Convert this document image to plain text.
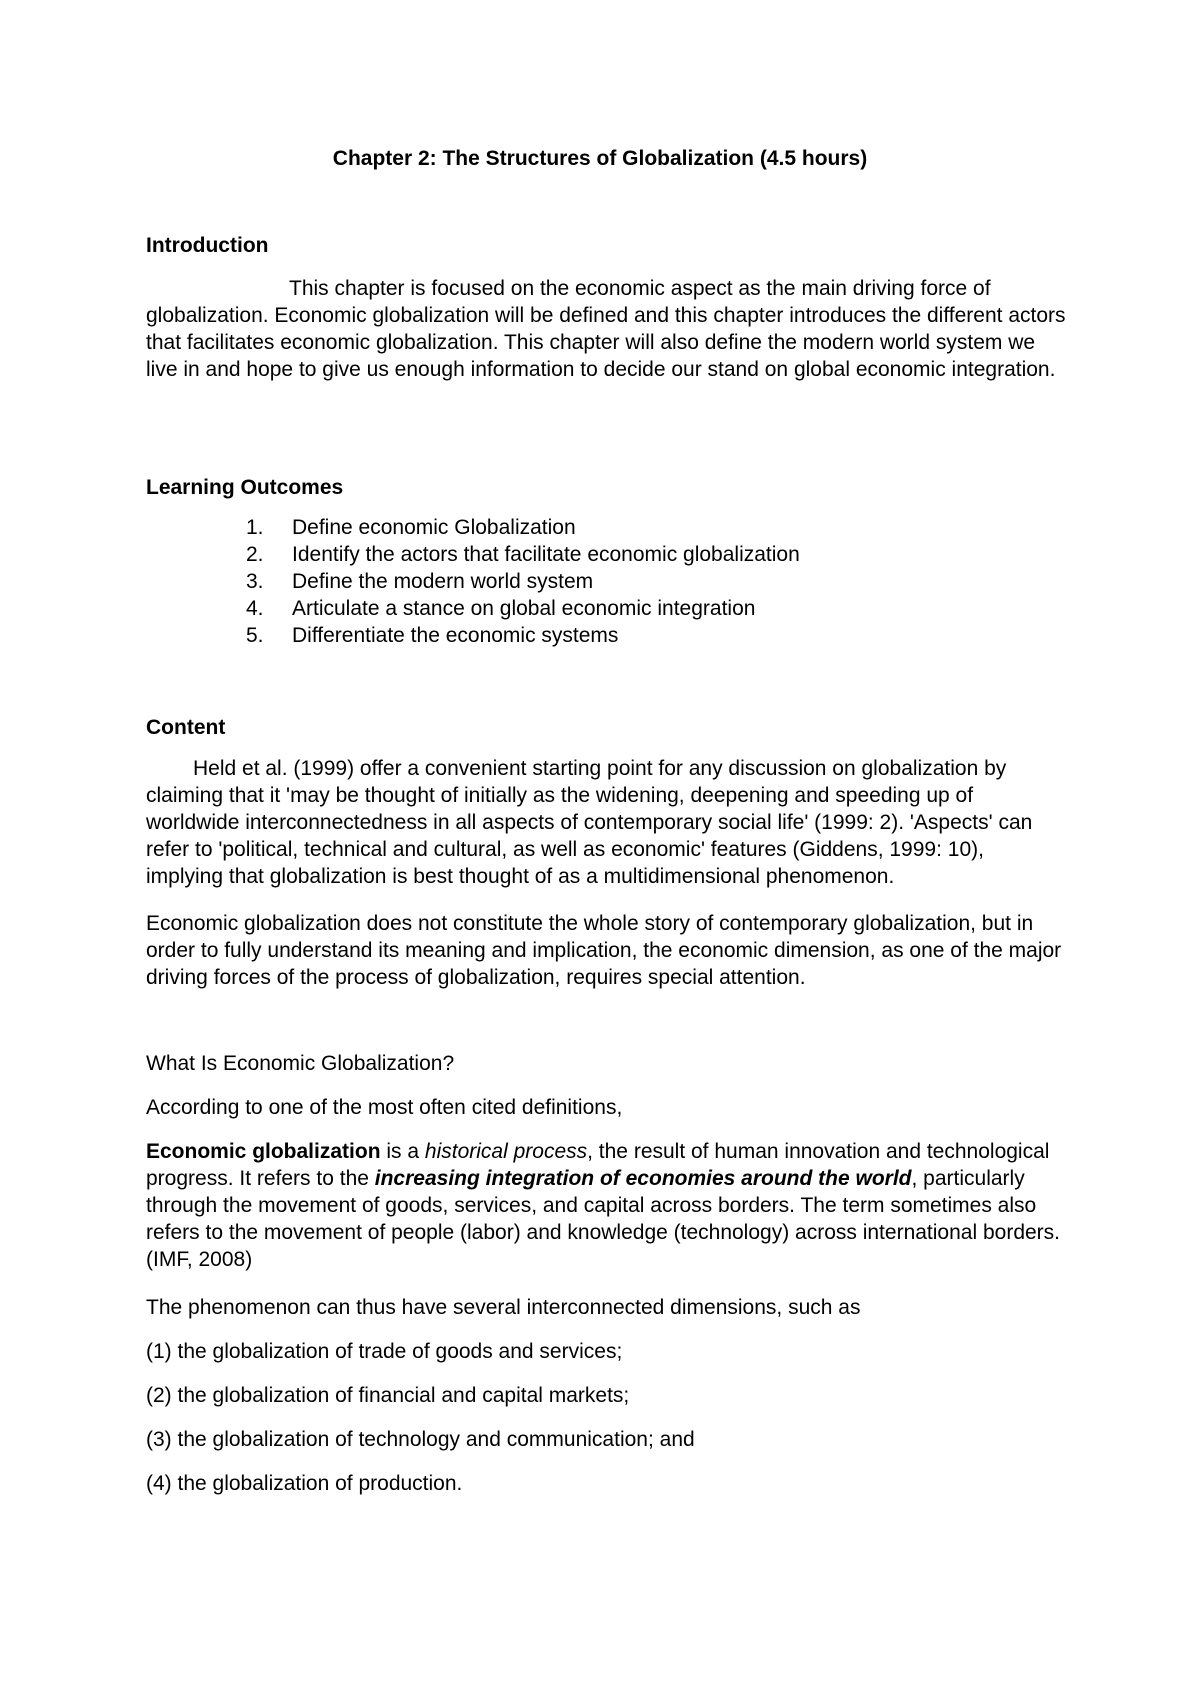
Chapter 2: The Structures of Globalization (4.5 hours)

Introduction

This chapter is focused on the economic aspect as the main driving force of globalization. Economic globalization will be defined and this chapter introduces the different actors that facilitates economic globalization. This chapter will also define the modern world system we live in and hope to give us enough information to decide our stand on global economic integration.

Learning Outcomes

1. Define economic Globalization
2. Identify the actors that facilitate economic globalization
3. Define the modern world system
4. Articulate a stance on global economic integration
5. Differentiate the economic systems

Content

Held et al. (1999) offer a convenient starting point for any discussion on globalization by claiming that it 'may be thought of initially as the widening, deepening and speeding up of worldwide interconnectedness in all aspects of contemporary social life' (1999: 2). 'Aspects' can refer to 'political, technical and cultural, as well as economic' features (Giddens, 1999: 10), implying that globalization is best thought of as a multidimensional phenomenon.

Economic globalization does not constitute the whole story of contemporary globalization, but in order to fully understand its meaning and implication, the economic dimension, as one of the major driving forces of the process of globalization, requires special attention.

What Is Economic Globalization?

According to one of the most often cited definitions,

Economic globalization is a historical process, the result of human innovation and technological progress. It refers to the increasing integration of economies around the world, particularly through the movement of goods, services, and capital across borders. The term sometimes also refers to the movement of people (labor) and knowledge (technology) across international borders. (IMF, 2008)

The phenomenon can thus have several interconnected dimensions, such as

(1) the globalization of trade of goods and services;

(2) the globalization of financial and capital markets;

(3) the globalization of technology and communication; and

(4) the globalization of production.
